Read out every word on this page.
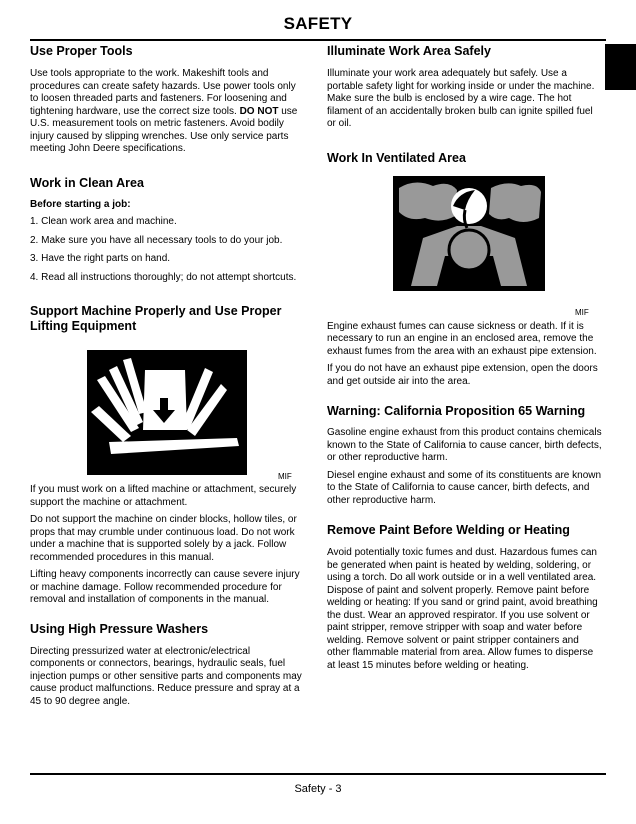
SAFETY
Use Proper Tools

Use tools appropriate to the work. Makeshift tools and procedures can create safety hazards. Use power tools only to loosen threaded parts and fasteners. For loosening and tightening hardware, use the correct size tools. DO NOT use U.S. measurement tools on metric fasteners. Avoid bodily injury caused by slipping wrenches. Use only service parts meeting John Deere specifications.

Work in Clean Area

Before starting a job:

1. Clean work area and machine.

2. Make sure you have all necessary tools to do your job.

3. Have the right parts on hand.

4. Read all instructions thoroughly; do not attempt shortcuts.

Support Machine Properly and Use Proper Lifting Equipment
MIF

If you must work on a lifted machine or attachment, securely support the machine or attachment.

Do not support the machine on cinder blocks, hollow tiles, or props that may crumble under continuous load. Do not work under a machine that is supported solely by a jack. Follow recommended procedures in this manual.

Lifting heavy components incorrectly can cause severe injury or machine damage. Follow recommended procedure for removal and installation of components in the manual.

Using High Pressure Washers

Directing pressurized water at electronic/electrical components or connectors, bearings, hydraulic seals, fuel injection pumps or other sensitive parts and components may cause product malfunctions. Reduce pressure and spray at a 45 to 90 degree angle.

Illuminate Work Area Safely

Illuminate your work area adequately but safely. Use a portable safety light for working inside or under the machine. Make sure the bulb is enclosed by a wire cage. The hot filament of an accidentally broken bulb can ignite spilled fuel or oil.

Work In Ventilated Area
MIF

Engine exhaust fumes can cause sickness or death. If it is necessary to run an engine in an enclosed area, remove the exhaust fumes from the area with an exhaust pipe extension.

If you do not have an exhaust pipe extension, open the doors and get outside air into the area.

Warning: California Proposition 65 Warning

Gasoline engine exhaust from this product contains chemicals known to the State of California to cause cancer, birth defects, or other reproductive harm.

Diesel engine exhaust and some of its constituents are known to the State of California to cause cancer, birth defects, and other reproductive harm.

Remove Paint Before Welding or Heating

Avoid potentially toxic fumes and dust. Hazardous fumes can be generated when paint is heated by welding, soldering, or using a torch. Do all work outside or in a well ventilated area. Dispose of paint and solvent properly. Remove paint before welding or heating: If you sand or grind paint, avoid breathing the dust. Wear an approved respirator. If you use solvent or paint stripper, remove stripper with soap and water before welding. Remove solvent or paint stripper containers and other flammable material from area. Allow fumes to disperse at least 15 minutes before welding or heating.

Safety - 3
